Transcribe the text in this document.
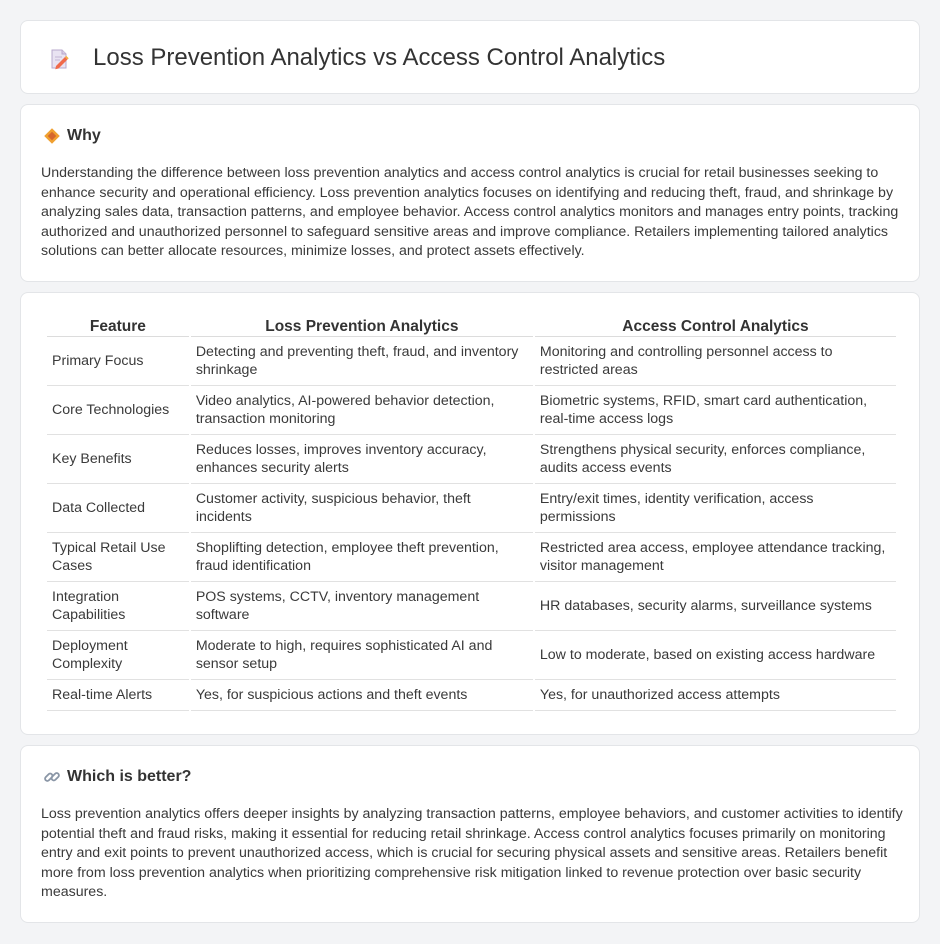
Loss Prevention Analytics vs Access Control Analytics
Why

Understanding the difference between loss prevention analytics and access control analytics is crucial for retail businesses seeking to enhance security and operational efficiency. Loss prevention analytics focuses on identifying and reducing theft, fraud, and shrinkage by analyzing sales data, transaction patterns, and employee behavior. Access control analytics monitors and manages entry points, tracking authorized and unauthorized personnel to safeguard sensitive areas and improve compliance. Retailers implementing tailored analytics solutions can better allocate resources, minimize losses, and protect assets effectively.

Feature	Loss Prevention Analytics	Access Control Analytics
Primary Focus	Detecting and preventing theft, fraud, and inventory shrinkage	Monitoring and controlling personnel access to restricted areas
Core Technologies	Video analytics, AI-powered behavior detection, transaction monitoring	Biometric systems, RFID, smart card authentication, real-time access logs
Key Benefits	Reduces losses, improves inventory accuracy, enhances security alerts	Strengthens physical security, enforces compliance, audits access events
Data Collected	Customer activity, suspicious behavior, theft incidents	Entry/exit times, identity verification, access permissions
Typical Retail Use Cases	Shoplifting detection, employee theft prevention, fraud identification	Restricted area access, employee attendance tracking, visitor management
Integration Capabilities	POS systems, CCTV, inventory management software	HR databases, security alarms, surveillance systems
Deployment Complexity	Moderate to high, requires sophisticated AI and sensor setup	Low to moderate, based on existing access hardware
Real-time Alerts	Yes, for suspicious actions and theft events	Yes, for unauthorized access attempts
Which is better?

Loss prevention analytics offers deeper insights by analyzing transaction patterns, employee behaviors, and customer activities to identify potential theft and fraud risks, making it essential for reducing retail shrinkage. Access control analytics focuses primarily on monitoring entry and exit points to prevent unauthorized access, which is crucial for securing physical assets and sensitive areas. Retailers benefit more from loss prevention analytics when prioritizing comprehensive risk mitigation linked to revenue protection over basic security measures.
